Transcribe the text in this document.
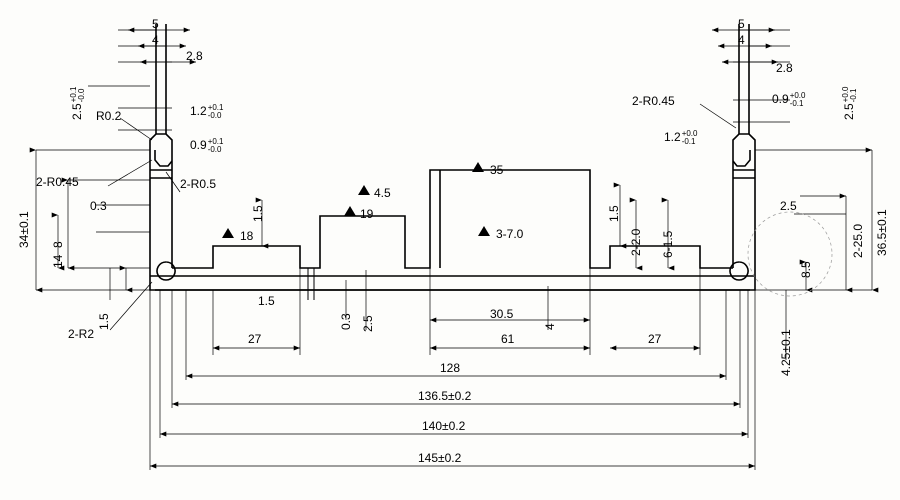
5
4
2.8
2.5
+0.1 -0.0
R0.2	1.2 +0.1
-0.0
0.9 +0.1
-0.0
5
4
2.8
2-R0.45	0.9 +0.0
-0.1	2.5
+0.0 -0.1
1.2 +0.0
-0.1
34±0.1
2-R0.45
8
0.3
14
2-R0.5
1.5
1.5
2-R2
36.5±0.1
2.5
2-25.0
8.5
4.25±0.1
1.5
2-2.0 6-1.5
18
19
4.5
35
3-7.0
1.5
0.3 2.5
30.5
4
27	61	27
128
136.5±0.2
140±0.2
145±0.2
